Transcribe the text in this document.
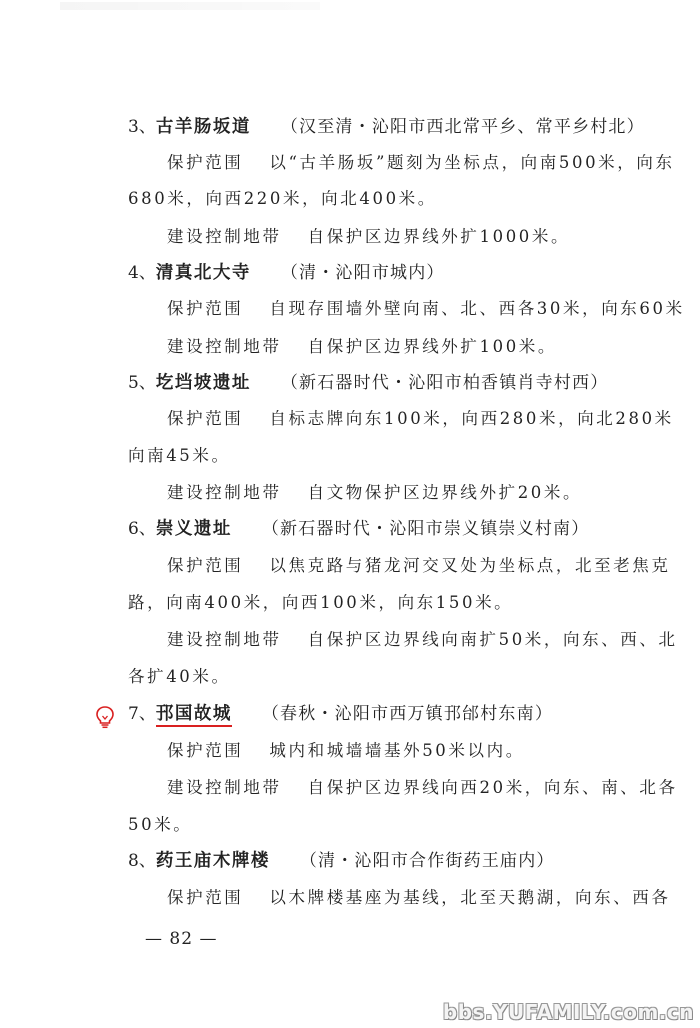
3、古羊肠坂道 （汉至清・沁阳市西北常平乡、常平乡村北）
保护范围 以“古羊肠坂”题刻为坐标点，向南500米，向东
680米，向西220米，向北400米。
建设控制地带 自保护区边界线外扩1000米。
4、清真北大寺 （清・沁阳市城内）
保护范围 自现存围墙外壁向南、北、西各30米，向东60米
建设控制地带 自保护区边界线外扩100米。
5、圪垱坡遗址 （新石器时代・沁阳市柏香镇肖寺村西）
保护范围 自标志牌向东100米，向西280米，向北280米
向南45米。
建设控制地带 自文物保护区边界线外扩20米。
6、崇义遗址 （新石器时代・沁阳市崇义镇崇义村南）
保护范围 以焦克路与猪龙河交叉处为坐标点，北至老焦克
路，向南400米，向西100米，向东150米。
建设控制地带 自保护区边界线向南扩50米，向东、西、北
各扩40米。
7、邘国故城 （春秋・沁阳市西万镇邘邰村东南）
保护范围 城内和城墙墙基外50米以内。
建设控制地带 自保护区边界线向西20米，向东、南、北各
50米。
8、药王庙木牌楼 （清・沁阳市合作街药王庙内）
保护范围 以木牌楼基座为基线，北至天鹅湖，向东、西各
— 82 —
bbs.YUFAMILY.com.cn
